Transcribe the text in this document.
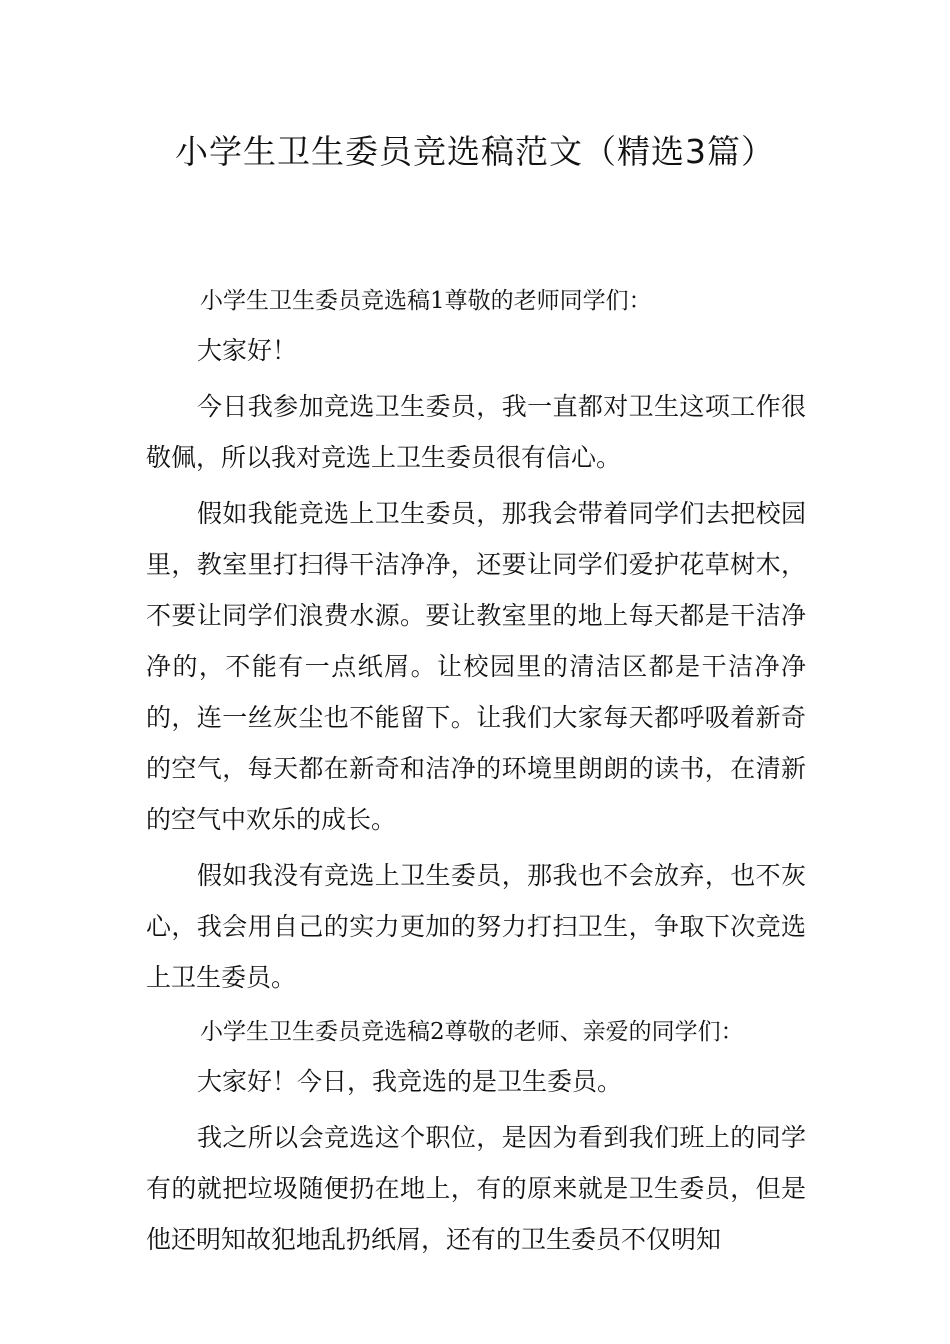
小学生卫生委员竞选稿范文（精选3篇）

小学生卫生委员竞选稿1尊敬的老师同学们：

大家好！

今日我参加竞选卫生委员，我一直都对卫生这项工作很敬佩，所以我对竞选上卫生委员很有信心。

假如我能竞选上卫生委员，那我会带着同学们去把校园里，教室里打扫得干洁净净，还要让同学们爱护花草树木，不要让同学们浪费水源。要让教室里的地上每天都是干洁净净的，不能有一点纸屑。让校园里的清洁区都是干洁净净的，连一丝灰尘也不能留下。让我们大家每天都呼吸着新奇的空气，每天都在新奇和洁净的环境里朗朗的读书，在清新的空气中欢乐的成长。

假如我没有竞选上卫生委员，那我也不会放弃，也不灰心，我会用自己的实力更加的努力打扫卫生，争取下次竞选上卫生委员。

小学生卫生委员竞选稿2尊敬的老师、亲爱的同学们：

大家好！今日，我竞选的是卫生委员。

我之所以会竞选这个职位，是因为看到我们班上的同学有的就把垃圾随便扔在地上，有的原来就是卫生委员，但是他还明知故犯地乱扔纸屑，还有的卫生委员不仅明知
